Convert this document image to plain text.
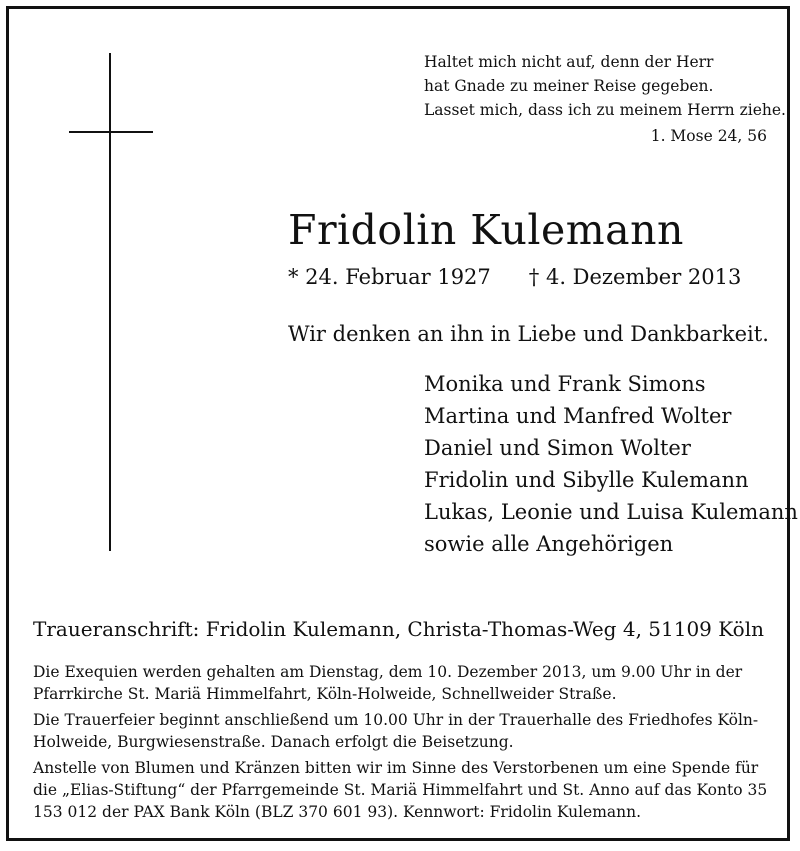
Haltet mich nicht auf, denn der Herr
hat Gnade zu meiner Reise gegeben.
Lasset mich, dass ich zu meinem Herrn ziehe.
1. Mose 24, 56
Fridolin Kulemann
* 24. Februar 1927 † 4. Dezember 2013
Wir denken an ihn in Liebe und Dankbarkeit.
Monika und Frank Simons
Martina und Manfred Wolter
Daniel und Simon Wolter
Fridolin und Sibylle Kulemann
Lukas, Leonie und Luisa Kulemann
sowie alle Angehörigen
Traueranschrift: Fridolin Kulemann, Christa-Thomas-Weg 4, 51109 Köln

Die Exequien werden gehalten am Dienstag, dem 10. Dezember 2013, um 9.00 Uhr in der Pfarrkirche St. Mariä Himmelfahrt, Köln-Holweide, Schnellweider Straße.

Die Trauerfeier beginnt anschließend um 10.00 Uhr in der Trauerhalle des Friedhofes Köln-Holweide, Burgwiesenstraße. Danach erfolgt die Beisetzung.

Anstelle von Blumen und Kränzen bitten wir im Sinne des Verstorbenen um eine Spende für die „Elias-Stiftung“ der Pfarrgemeinde St. Mariä Himmelfahrt und St. Anno auf das Konto 35 153 012 der PAX Bank Köln (BLZ 370 601 93). Kennwort: Fridolin Kulemann.
